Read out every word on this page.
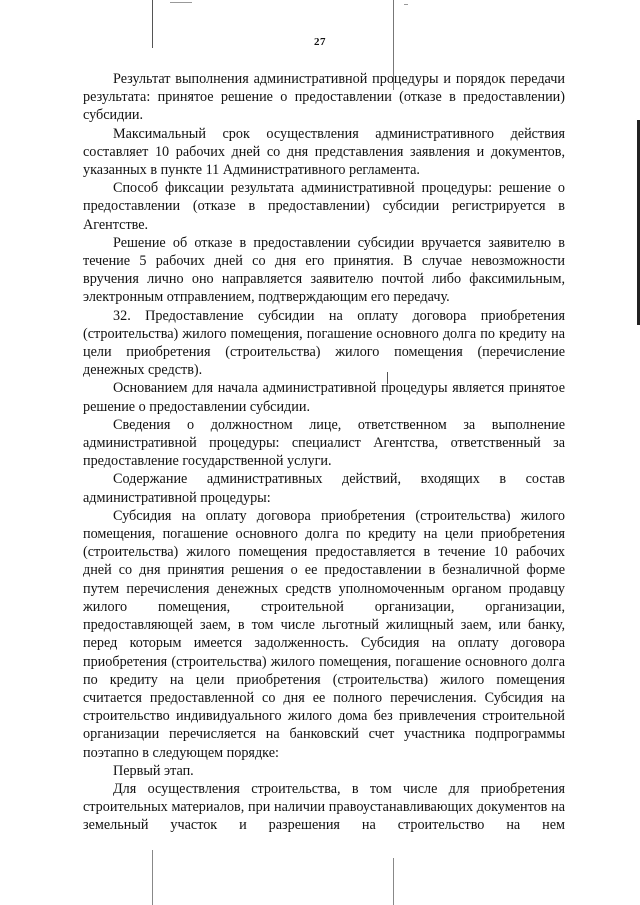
27

Результат выполнения административной процедуры и порядок передачи результата: принятое решение о предоставлении (отказе в предоставлении) субсидии.

Максимальный срок осуществления административного действия составляет 10 рабочих дней со дня представления заявления и документов, указанных в пункте 11 Административного регламента.

Способ фиксации результата административной процедуры: решение о предоставлении (отказе в предоставлении) субсидии регистрируется в Агентстве.

Решение об отказе в предоставлении субсидии вручается заявителю в течение 5 рабочих дней со дня его принятия. В случае невозможности вручения лично оно направляется заявителю почтой либо факсимильным, электронным отправлением, подтверждающим его передачу.

32. Предоставление субсидии на оплату договора приобретения (строительства) жилого помещения, погашение основного долга по кредиту на цели приобретения (строительства) жилого помещения (перечисление денежных средств).

Основанием для начала административной процедуры является принятое решение о предоставлении субсидии.

Сведения о должностном лице, ответственном за выполнение административной процедуры: специалист Агентства, ответственный за предоставление государственной услуги.

Содержание административных действий, входящих в состав административной процедуры:

Субсидия на оплату договора приобретения (строительства) жилого помещения, погашение основного долга по кредиту на цели приобретения (строительства) жилого помещения предоставляется в течение 10 рабочих дней со дня принятия решения о ее предоставлении в безналичной форме путем перечисления денежных средств уполномоченным органом продавцу жилого помещения, строительной организации, организации, предоставляющей заем, в том числе льготный жилищный заем, или банку, перед которым имеется задолженность. Субсидия на оплату договора приобретения (строительства) жилого помещения, погашение основного долга по кредиту на цели приобретения (строительства) жилого помещения считается предоставленной со дня ее полного перечисления. Субсидия на строительство индивидуального жилого дома без привлечения строительной организации перечисляется на банковский счет участника подпрограммы поэтапно в следующем порядке:

Первый этап.

Для осуществления строительства, в том числе для приобретения строительных материалов, при наличии правоустанавливающих документов на земельный участок и разрешения на строительство на нем
